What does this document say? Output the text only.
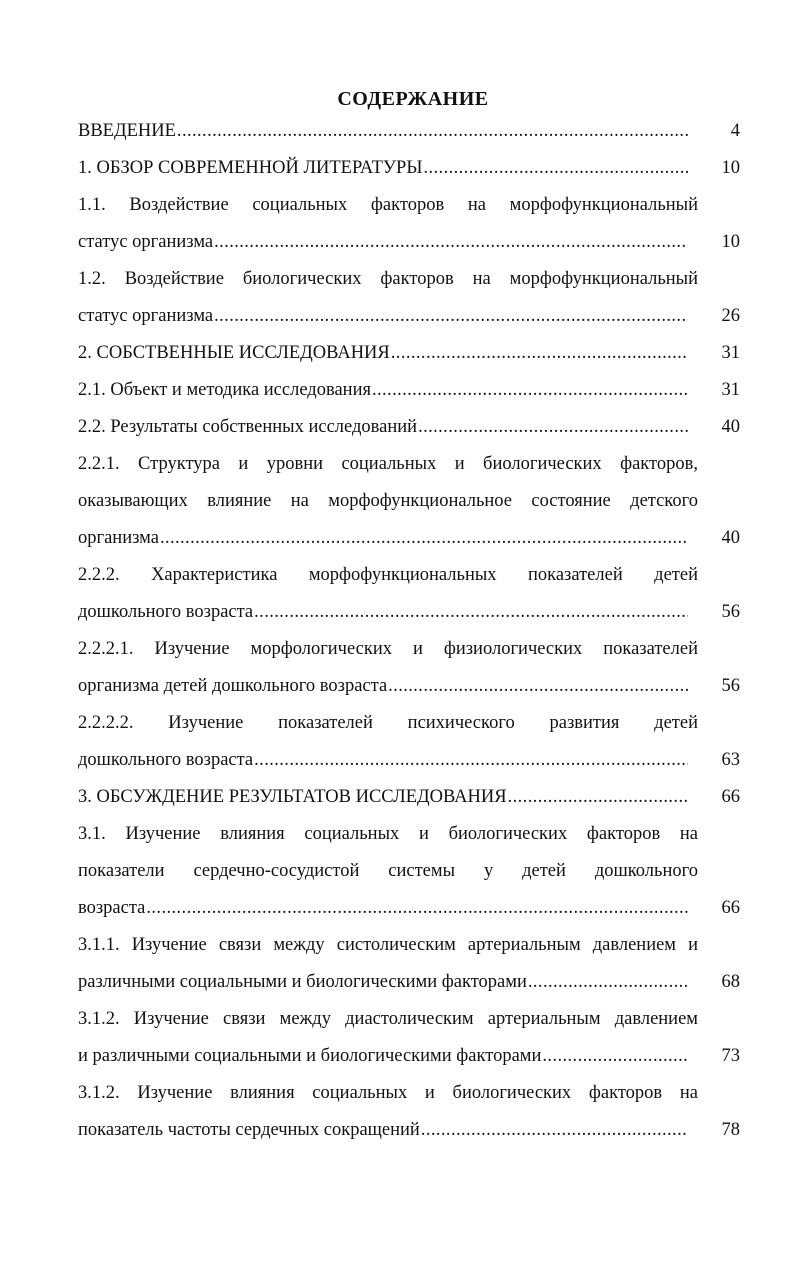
СОДЕРЖАНИЕ
ВВЕДЕНИЕ .....	4
1. ОБЗОР СОВРЕМЕННОЙ ЛИТЕРАТУРЫ .....	10
1.1. Воздействие социальных факторов на морфофункциональный
статус организма .....	10
1.2. Воздействие биологических факторов на морфофункциональный
статус организма .....	26
2. СОБСТВЕННЫЕ ИССЛЕДОВАНИЯ .....	31
2.1. Объект и методика исследования .....	31
2.2. Результаты собственных исследований .....	40
2.2.1. Структура и уровни социальных и биологических факторов,
оказывающих влияние на морфофункциональное состояние детского
организма .....	40
2.2.2. Характеристика морфофункциональных показателей детей
дошкольного возраста .....	56
2.2.2.1. Изучение морфологических и физиологических показателей
организма детей дошкольного возраста .....	56
2.2.2.2. Изучение показателей психического развития детей
дошкольного возраста .....	63
3. ОБСУЖДЕНИЕ РЕЗУЛЬТАТОВ ИССЛЕДОВАНИЯ .....	66
3.1. Изучение влияния социальных и биологических факторов на
показатели сердечно-сосудистой системы у детей дошкольного
возраста .....	66
3.1.1. Изучение связи между систолическим артериальным давлением и
различными социальными и биологическими факторами .....	68
3.1.2. Изучение связи между диастолическим артериальным давлением
и различными социальными и биологическими факторами .....	73
3.1.2. Изучение влияния социальных и биологических факторов на
показатель частоты сердечных сокращений .....	78
